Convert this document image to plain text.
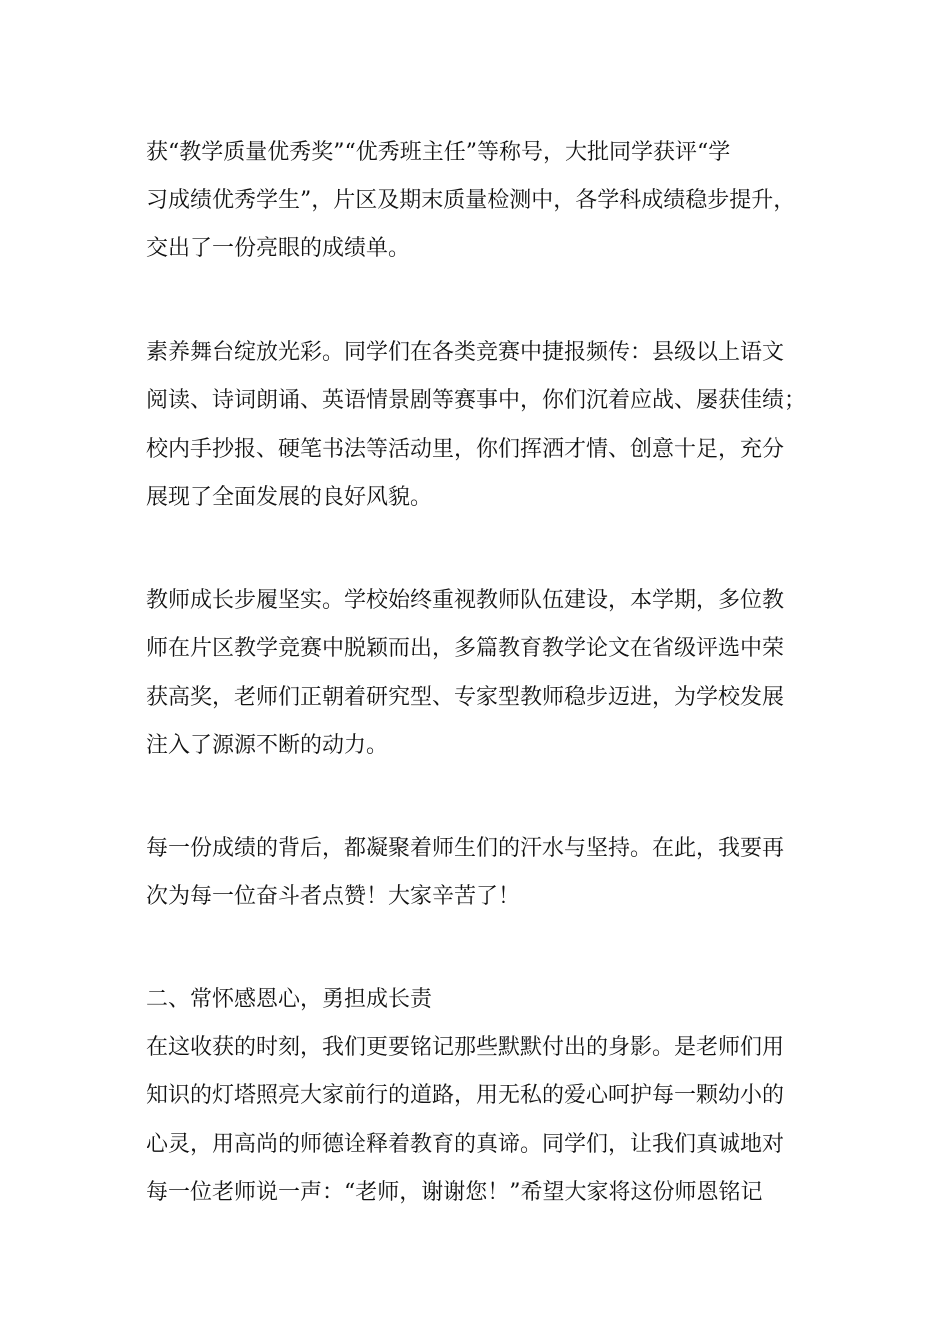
获“教学质量优秀奖”“优秀班主任”等称号，大批同学获评“学

习成绩优秀学生”，片区及期末质量检测中，各学科成绩稳步提升，

交出了一份亮眼的成绩单。

素养舞台绽放光彩。同学们在各类竞赛中捷报频传：县级以上语文

阅读、诗词朗诵、英语情景剧等赛事中，你们沉着应战、屡获佳绩；

校内手抄报、硬笔书法等活动里，你们挥洒才情、创意十足，充分

展现了全面发展的良好风貌。

教师成长步履坚实。学校始终重视教师队伍建设，本学期，多位教

师在片区教学竞赛中脱颖而出，多篇教育教学论文在省级评选中荣

获高奖，老师们正朝着研究型、专家型教师稳步迈进，为学校发展

注入了源源不断的动力。

每一份成绩的背后，都凝聚着师生们的汗水与坚持。在此，我要再

次为每一位奋斗者点赞！大家辛苦了！

二、常怀感恩心，勇担成长责

在这收获的时刻，我们更要铭记那些默默付出的身影。是老师们用

知识的灯塔照亮大家前行的道路，用无私的爱心呵护每一颗幼小的

心灵，用高尚的师德诠释着教育的真谛。同学们，让我们真诚地对

每一位老师说一声：“老师，谢谢您！”希望大家将这份师恩铭记
